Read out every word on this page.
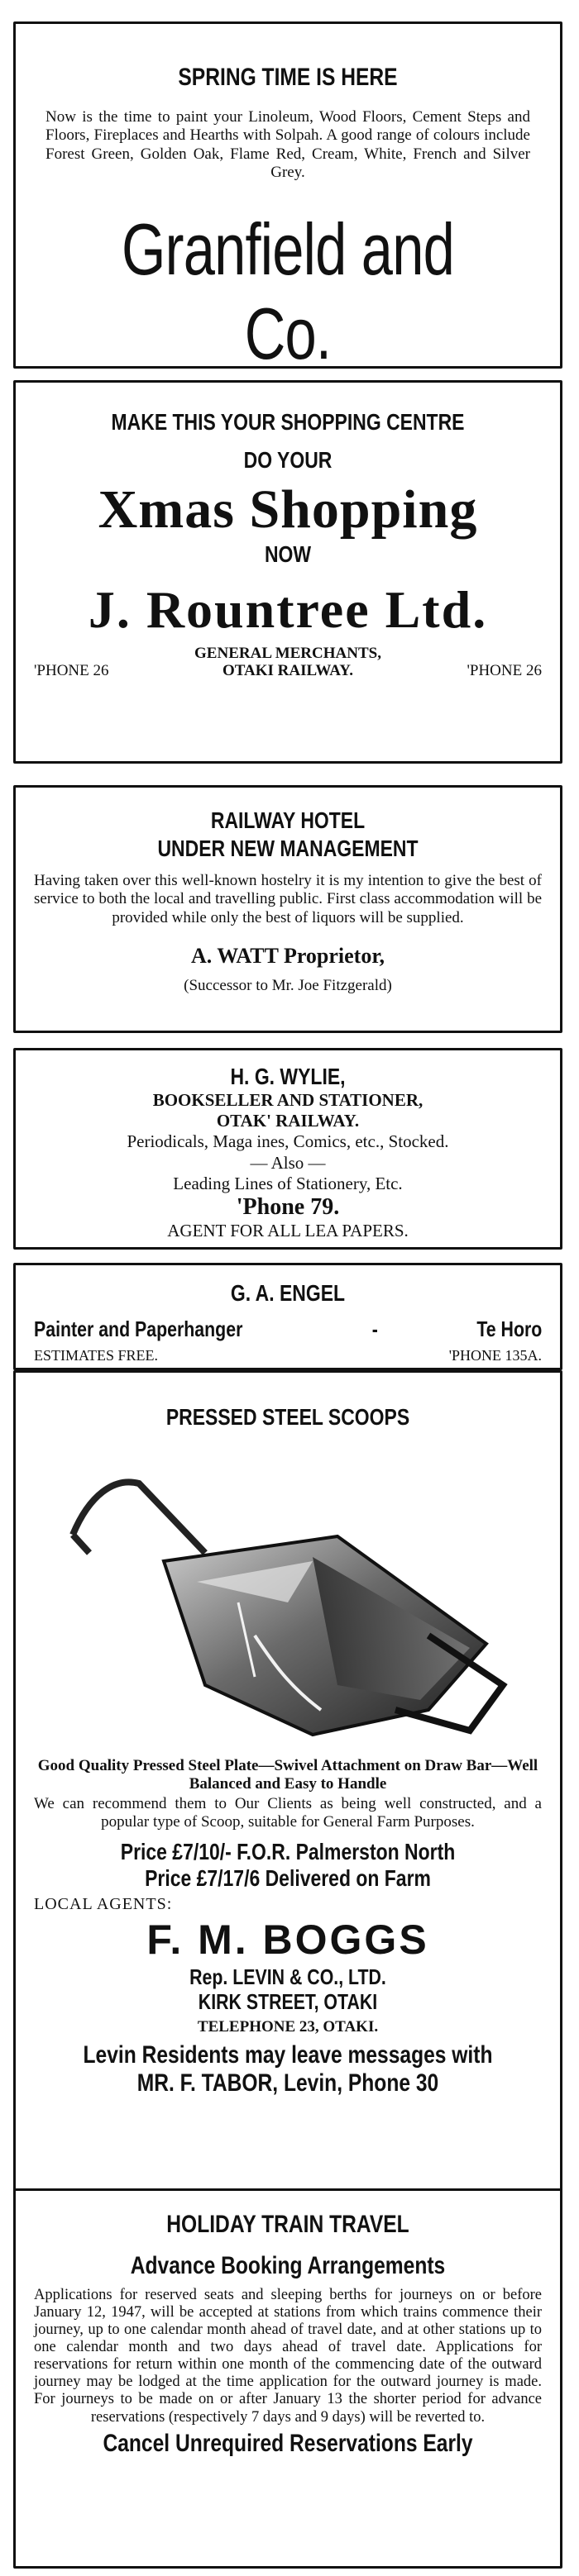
SPRING TIME IS HERE
Now is the time to paint your Linoleum, Wood Floors, Cement Steps and Floors, Fireplaces and Hearths with Solpah. A good range of colours include Forest Green, Golden Oak, Flame Red, Cream, White, French and Silver Grey.
Granfield and Co.
MAKE THIS YOUR SHOPPING CENTRE
DO YOUR
Xmas Shopping
NOW
J. Rountree Ltd.
'PHONE 26
GENERAL MERCHANTS,
OTAKI RAILWAY.	'PHONE 26
RAILWAY HOTEL
UNDER NEW MANAGEMENT
Having taken over this well-known hostelry it is my intention to give the best of service to both the local and travelling public. First class accommodation will be provided while only the best of liquors will be supplied.
A. WATT Proprietor,
(Successor to Mr. Joe Fitzgerald)
H. G. WYLIE,
BOOKSELLER AND STATIONER,
OTAK' RAILWAY.
Periodicals, Maga ines, Comics, etc., Stocked.
— Also —
Leading Lines of Stationery, Etc.
'Phone 79.
AGENT FOR ALL LEA PAPERS.
G. A. ENGEL
Painter and Paperhanger	-	Te Horo
ESTIMATES FREE.	'PHONE 135A.
PRESSED STEEL SCOOPS
Good Quality Pressed Steel Plate—Swivel Attachment on Draw Bar—Well Balanced and Easy to Handle
We can recommend them to Our Clients as being well constructed, and a popular type of Scoop, suitable for General Farm Purposes.
Price £7/10/- F.O.R. Palmerston North
Price £7/17/6 Delivered on Farm
LOCAL AGENTS:
F. M. BOGGS
Rep. LEVIN & CO., LTD.
KIRK STREET, OTAKI
TELEPHONE 23, OTAKI.
Levin Residents may leave messages with
MR. F. TABOR, Levin, Phone 30
HOLIDAY TRAIN TRAVEL
Advance Booking Arrangements
Applications for reserved seats and sleeping berths for journeys on or before January 12, 1947, will be accepted at stations from which trains commence their journey, up to one calendar month ahead of travel date, and at other stations up to one calendar month and two days ahead of travel date. Applications for reservations for return within one month of the commencing date of the outward journey may be lodged at the time application for the outward journey is made. For journeys to be made on or after January 13 the shorter period for advance reservations (respectively 7 days and 9 days) will be reverted to.
Cancel Unrequired Reservations Early
